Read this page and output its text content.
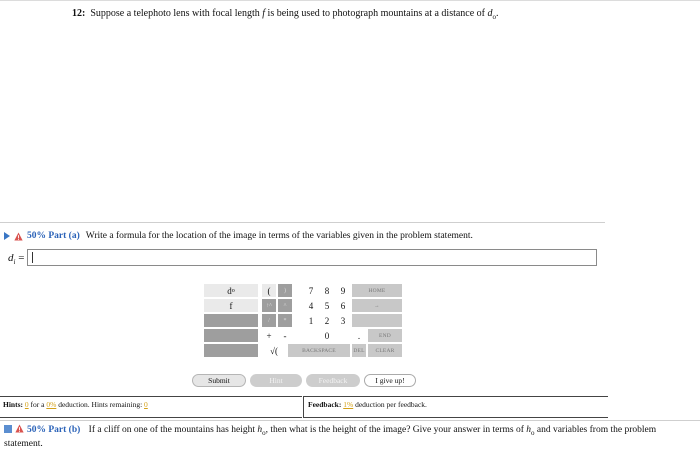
12: Suppose a telephoto lens with focal length f is being used to photograph mountains at a distance of $d_o$.
50% Part (a) Write a formula for the location of the image in terms of the variables given in the problem statement.
$d_i$ =
d o	(	)	7	8	9	HOME
f	↑^	^	4	5	6	→
/	*	1	2	3
+	-	0	.	END
√(	BACKSPACE	DEL	CLEAR
Submit	Hint	Feedback	I give up!
Hints: 0 for a 0% deduction. Hints remaining: 0	Feedback: 1% deduction per feedback.
50% Part (b) If a cliff on one of the mountains has height $h_o$, then what is the height of the image? Give your answer in terms of $h_o$ and variables from the problem statement.
